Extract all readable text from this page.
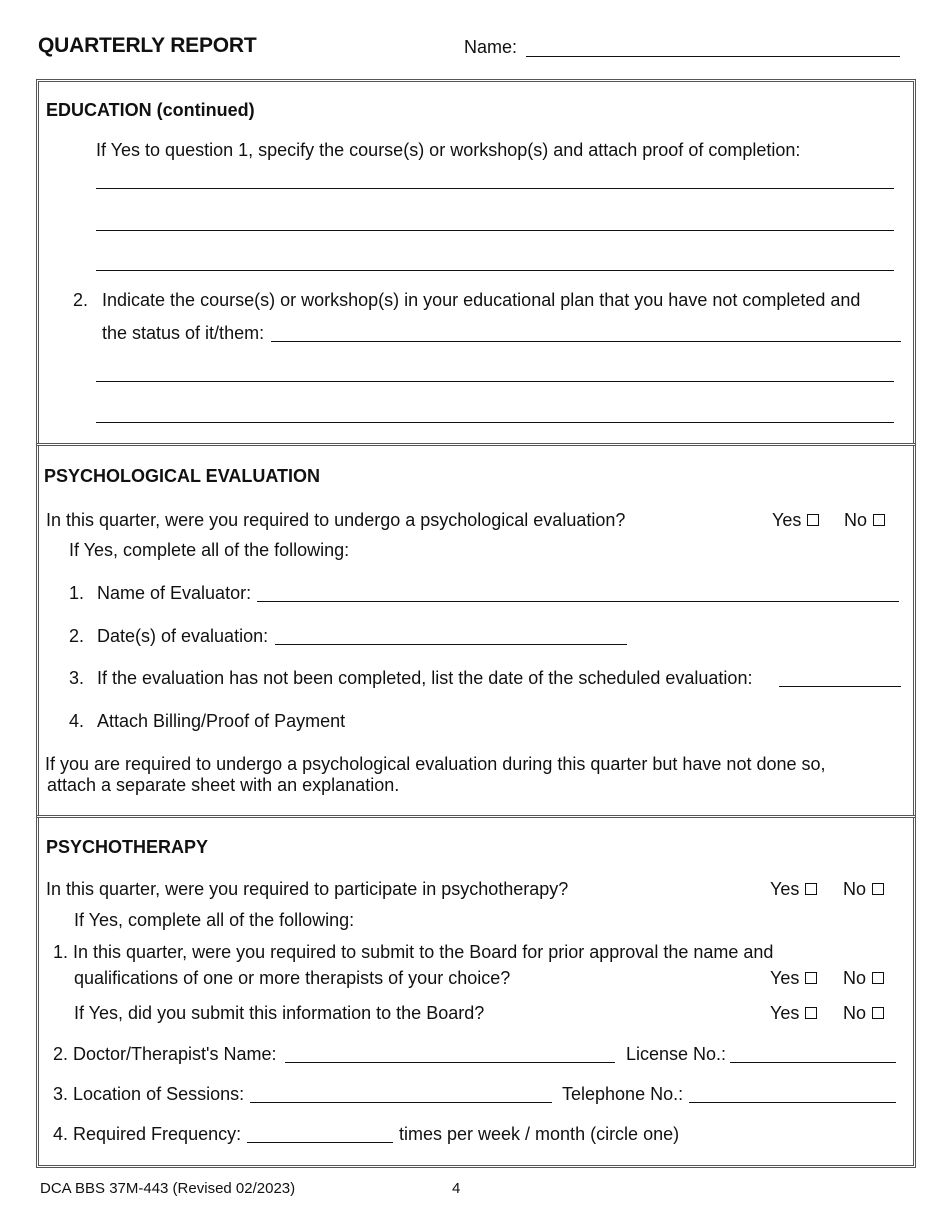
QUARTERLY REPORT	Name:
EDUCATION (continued)
If Yes to question 1, specify the course(s) or workshop(s) and attach proof of completion:
2. Indicate the course(s) or workshop(s) in your educational plan that you have not completed and
the status of it/them:
PSYCHOLOGICAL EVALUATION
In this quarter, were you required to undergo a psychological evaluation?	Yes	No
If Yes, complete all of the following:
1. Name of Evaluator:
2. Date(s) of evaluation:
3. If the evaluation has not been completed, list the date of the scheduled evaluation:
4. Attach Billing/Proof of Payment
If you are required to undergo a psychological evaluation during this quarter but have not done so,
attach a separate sheet with an explanation.
PSYCHOTHERAPY
In this quarter, were you required to participate in psychotherapy?	Yes	No
If Yes, complete all of the following:
1. In this quarter, were you required to submit to the Board for prior approval the name and
qualifications of one or more therapists of your choice?	Yes	No
If Yes, did you submit this information to the Board?	Yes	No
2. Doctor/Therapist's Name:	License No.:
3. Location of Sessions:	Telephone No.:
4. Required Frequency:	times per week / month (circle one)
DCA BBS 37M-443 (Revised 02/2023)	4
